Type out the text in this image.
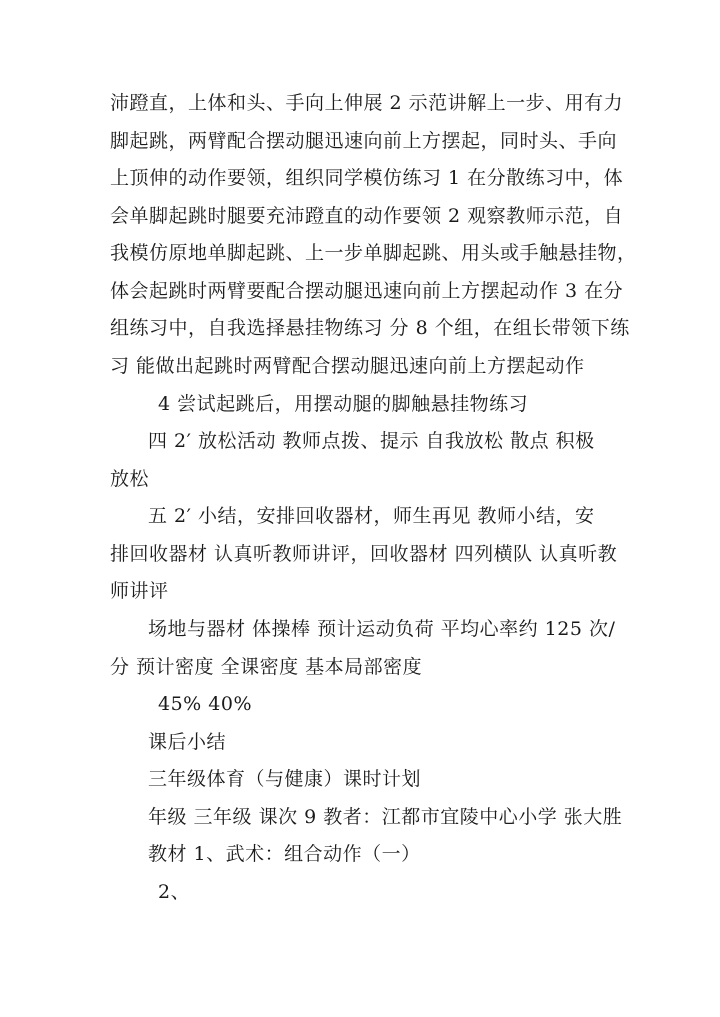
沛蹬直，上体和头、手向上伸展 2 示范讲解上一步、用有力
脚起跳，两臂配合摆动腿迅速向前上方摆起，同时头、手向
上顶伸的动作要领，组织同学模仿练习 1 在分散练习中，体
会单脚起跳时腿要充沛蹬直的动作要领 2 观察教师示范，自
我模仿原地单脚起跳、上一步单脚起跳、用头或手触悬挂物，
体会起跳时两臂要配合摆动腿迅速向前上方摆起动作 3 在分
组练习中，自我选择悬挂物练习 分 8 个组，在组长带领下练
习 能做出起跳时两臂配合摆动腿迅速向前上方摆起动作
4 尝试起跳后，用摆动腿的脚触悬挂物练习
四 2′ 放松活动 教师点拨、提示 自我放松 散点 积极
放松
五 2′ 小结，安排回收器材，师生再见 教师小结，安
排回收器材 认真听教师讲评，回收器材 四列横队 认真听教
师讲评
场地与器材 体操棒 预计运动负荷 平均心率约 125 次/
分 预计密度 全课密度 基本局部密度
45% 40%
课后小结
三年级体育（与健康）课时计划
年级 三年级 课次 9 教者：江都市宜陵中心小学 张大胜
教材 1、武术：组合动作（一）
2、
